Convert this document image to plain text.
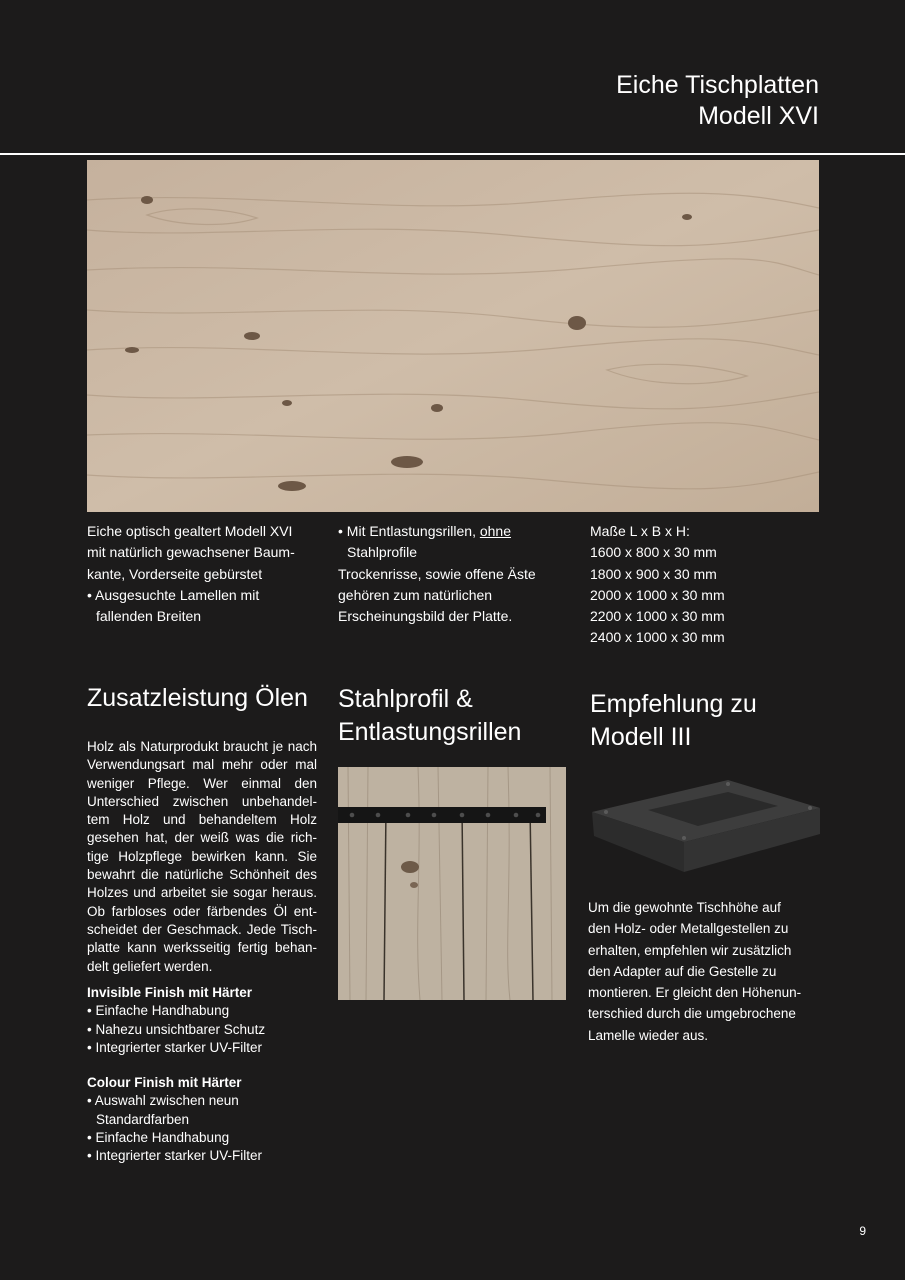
Eiche Tischplatten
Modell XVI

Eiche optisch gealtert Modell XVI

mit natürlich gewachsener Baum-

kante, Vorderseite gebürstet

• Ausgesuchte Lamellen mit

fallenden Breiten

• Mit Entlastungsrillen, ohne

Stahlprofile

Trockenrisse, sowie offene Äste

gehören zum natürlichen

Erscheinungsbild der Platte.

Maße L x B x H:

1600 x 800 x 30 mm

1800 x 900 x 30 mm

2000 x 1000 x 30 mm

2200 x 1000 x 30 mm

2400 x 1000 x 30 mm

Zusatzleistung Ölen	Stahlprofil &
Entlastungsrillen
Empfehlung zu
Modell III
Holz als Naturprodukt braucht je nach Verwendungsart mal mehr oder mal weniger Pflege. Wer einmal den Unterschied zwischen unbehandel-tem Holz und behandeltem Holz gesehen hat, der weiß was die rich-tige Holzpflege bewirken kann. Sie bewahrt die natürliche Schönheit des Holzes und arbeitet sie sogar heraus. Ob farbloses oder färbendes Öl ent-scheidet der Geschmack. Jede Tisch-platte kann werksseitig fertig behan-delt geliefert werden.

Invisible Finish mit Härter

• Einfache Handhabung

• Nahezu unsichtbarer Schutz

• Integrierter starker UV-Filter

Colour Finish mit Härter

• Auswahl zwischen neun

Standardfarben

• Einfache Handhabung

• Integrierter starker UV-Filter

Um die gewohnte Tischhöhe auf
den Holz- oder Metallgestellen zu
erhalten, empfehlen wir zusätzlich
den Adapter auf die Gestelle zu
montieren. Er gleicht den Höhenun-
terschied durch die umgebrochene
Lamelle wieder aus.
9
